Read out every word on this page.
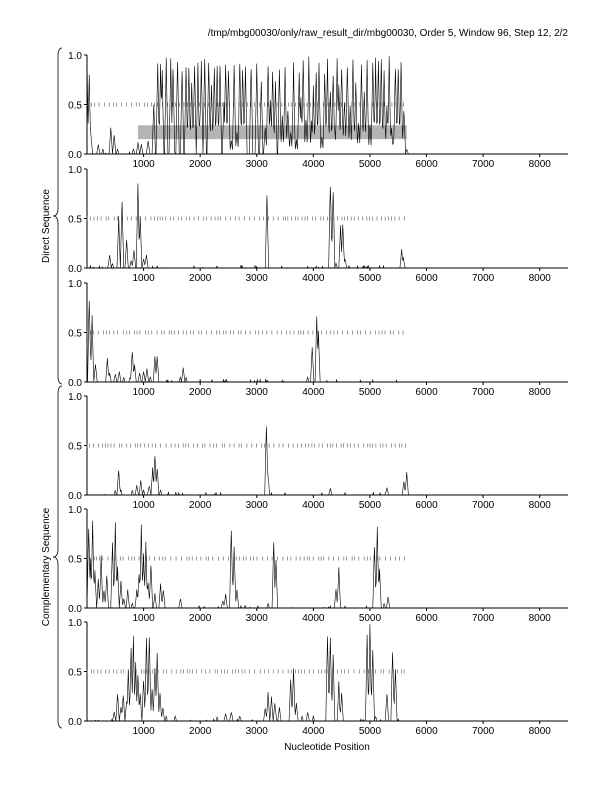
/tmp/mbg00030/only/raw_result_dir/mbg00030, Order 5, Window 96, Step 12, 2/2
0.0
0.5
1.0
1000	2000	3000	4000	5000	6000	7000	8000
0.0
0.5
1.0
1000	2000	3000	4000	5000	6000	7000	8000
0.0
0.5
1.0
1000	2000	3000	4000	5000	6000	7000	8000
0.0
0.5
1.0
1000	2000	3000	4000	5000	6000	7000	8000
0.0
0.5
1.0
1000	2000	3000	4000	5000	6000	7000	8000
0.0
0.5
1.0
1000	2000	3000	4000	5000	6000	7000	8000
Nucleotide Position
Direct Sequence
Complementary Sequence
